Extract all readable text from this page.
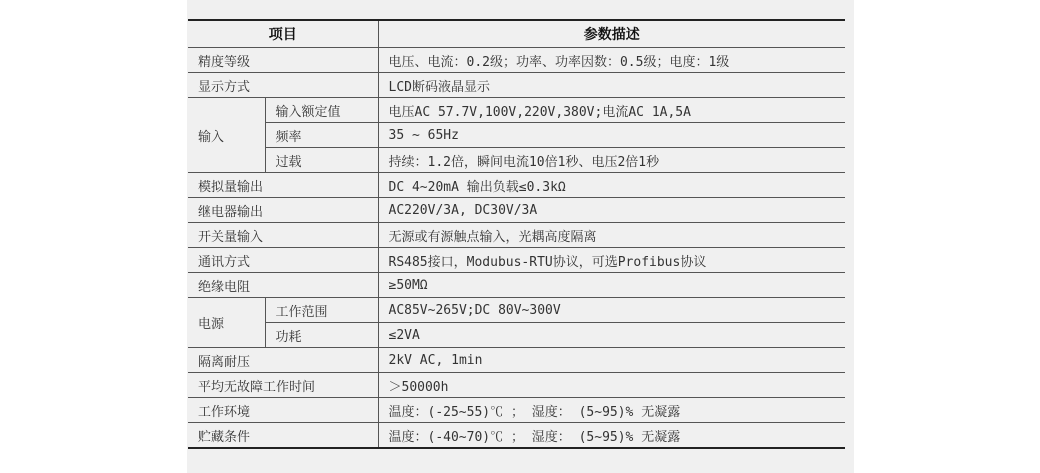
项目		参数描述
精度等级		电压、电流：0.2级；功率、功率因数：0.5级；电度：1级
显示方式		LCD断码液晶显示
输入	输入额定值	电压AC 57.7V,100V,220V,380V;电流AC 1A,5A
	频率	35 ~ 65Hz
	过载	持续：1.2倍，瞬间电流10倍1秒、电压2倍1秒
模拟量输出		DC 4~20mA 输出负载≤0.3kΩ
继电器输出		AC220V/3A, DC30V/3A
开关量输入		无源或有源触点输入，光耦高度隔离
通讯方式		RS485接口，Modubus-RTU协议，可选Profibus协议
绝缘电阻		≥50MΩ
电源	工作范围	AC85V~265V;DC 80V~300V
	功耗	≤2VA
隔离耐压		2kV AC, 1min
平均无故障工作时间		＞50000h
工作环境		温度：(-25~55)℃ ； 湿度： (5~95)% 无凝露
贮藏条件		温度：(-40~70)℃ ； 湿度： (5~95)% 无凝露
